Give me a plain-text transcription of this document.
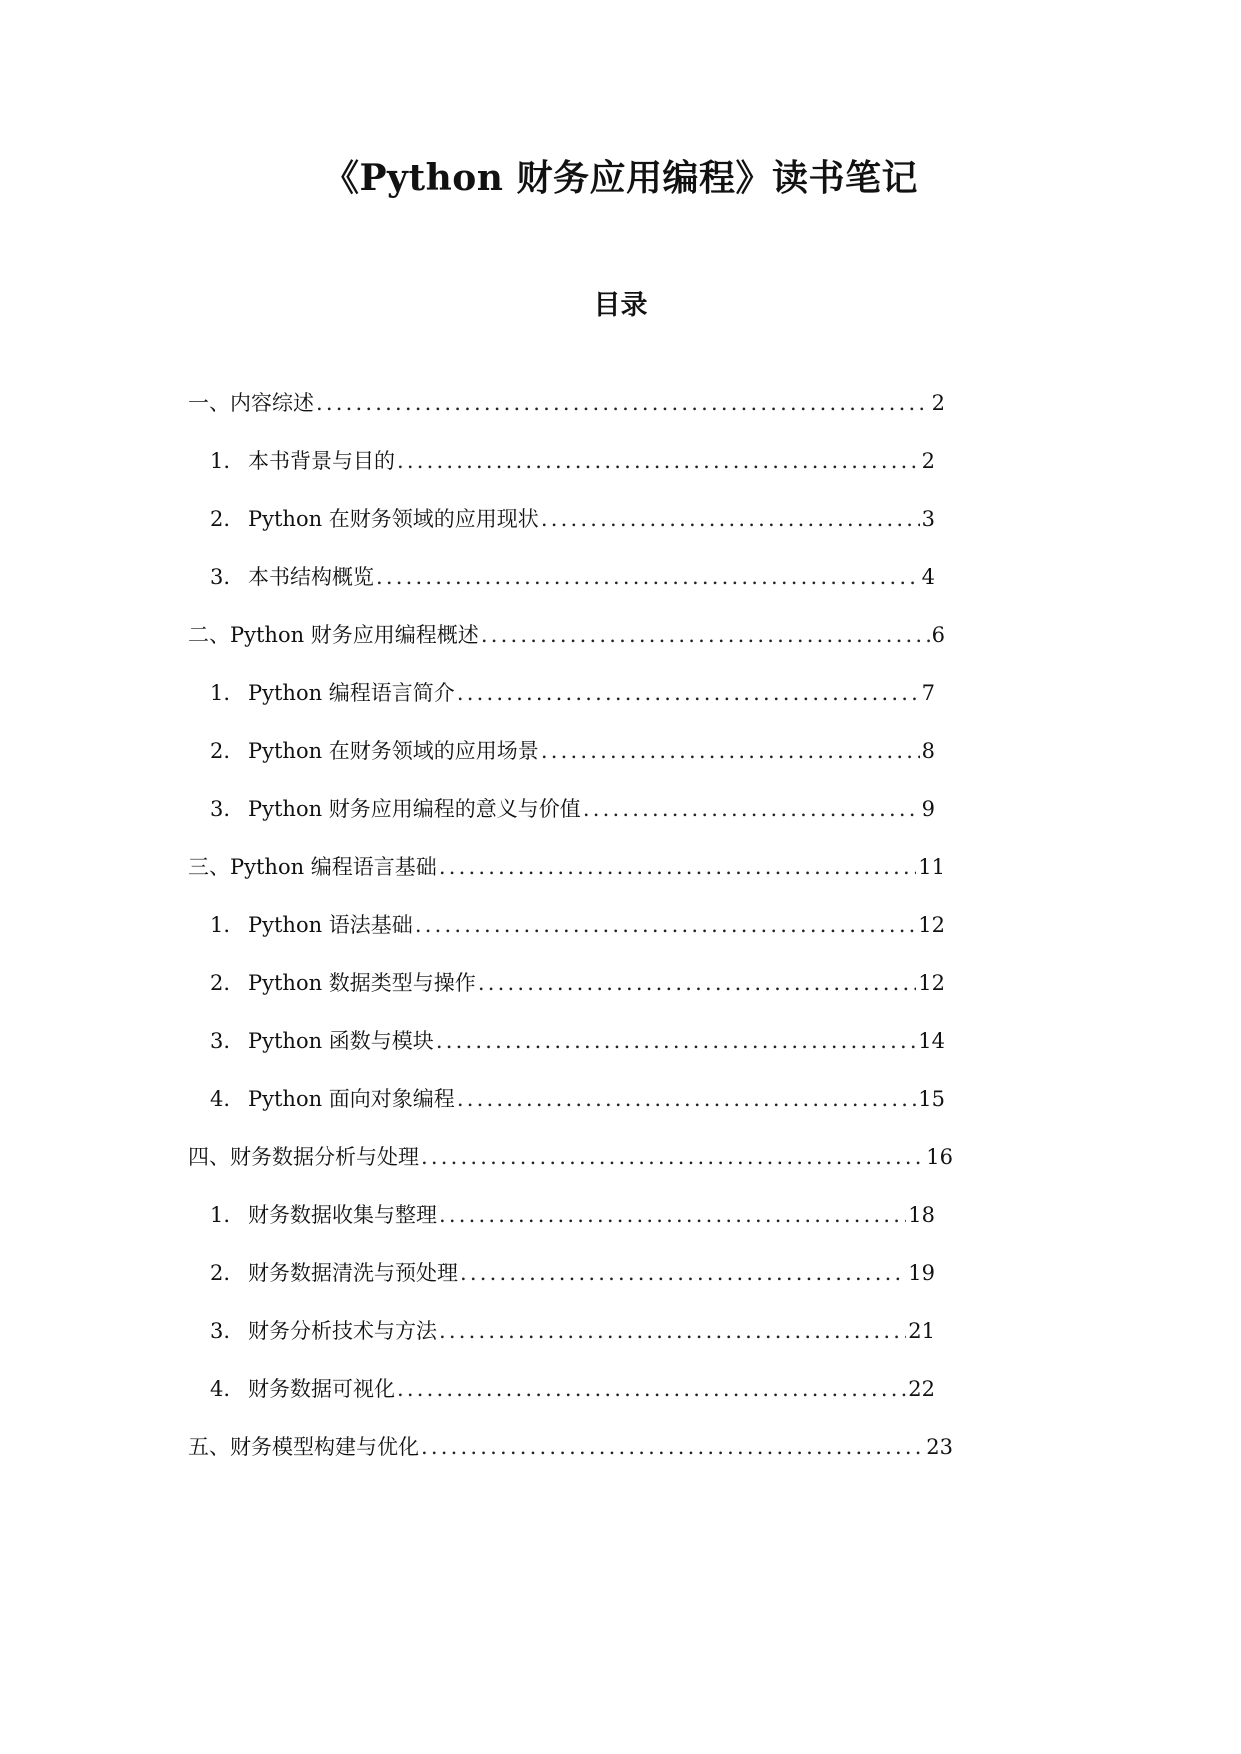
《Python 财务应用编程》读书笔记
目录
一、内容综述 .....	2
1. 本书背景与目的 .....	2
2. Python 在财务领域的应用现状 .....	3
3. 本书结构概览 .....	4
二、Python 财务应用编程概述 .....	6
1. Python 编程语言简介 .....	7
2. Python 在财务领域的应用场景 .....	8
3. Python 财务应用编程的意义与价值 .....	9
三、Python 编程语言基础 .....	11
1. Python 语法基础 .....	12
2. Python 数据类型与操作 .....	12
3. Python 函数与模块 .....	14
4. Python 面向对象编程 .....	15
四、财务数据分析与处理 .....	16
1. 财务数据收集与整理 .....	18
2. 财务数据清洗与预处理 .....	19
3. 财务分析技术与方法 .....	21
4. 财务数据可视化 .....	22
五、财务模型构建与优化 .....	23
